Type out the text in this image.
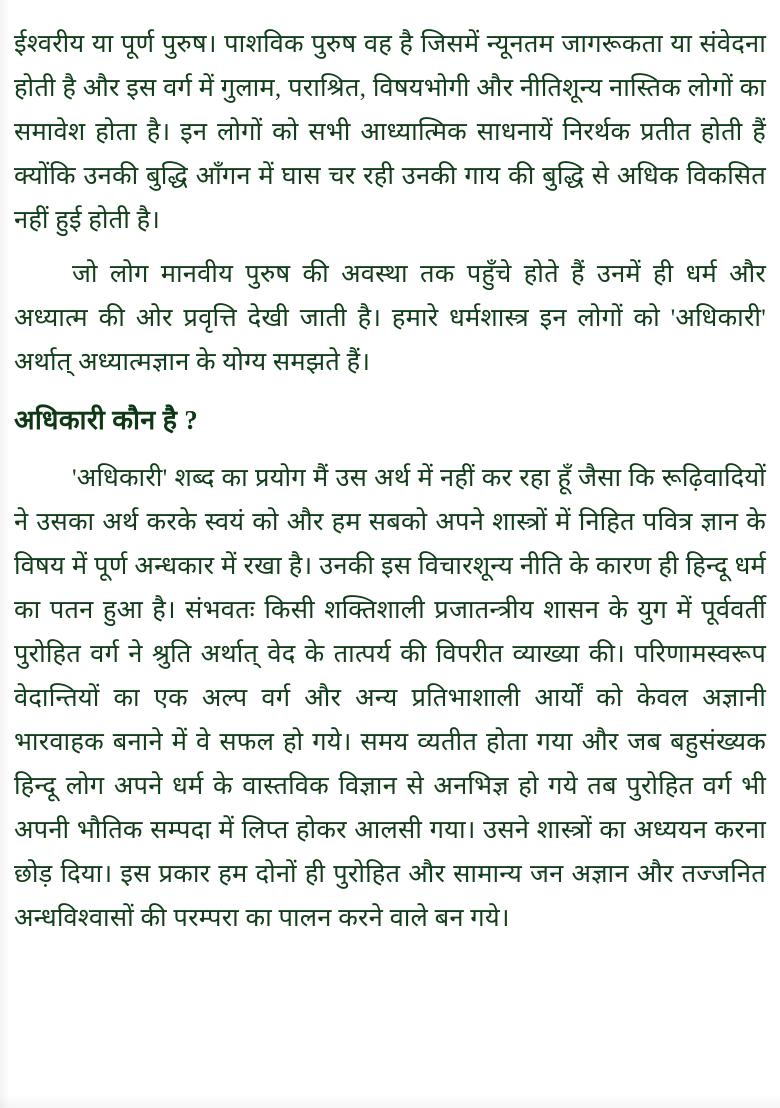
ईश्वरीय या पूर्ण पुरुष। पाशविक पुरुष वह है जिसमें न्यूनतम जागरूकता या संवेदना होती है और इस वर्ग में गुलाम, पराश्रित, विषयभोगी और नीतिशून्य नास्तिक लोगों का समावेश होता है। इन लोगों को सभी आध्यात्मिक साधनायें निरर्थक प्रतीत होती हैं क्योंकि उनकी बुद्धि आँगन में घास चर रही उनकी गाय की बुद्धि से अधिक विकसित नहीं हुई होती है।

जो लोग मानवीय पुरुष की अवस्था तक पहुँचे होते हैं उनमें ही धर्म और अध्यात्म की ओर प्रवृत्ति देखी जाती है। हमारे धर्मशास्त्र इन लोगों को 'अधिकारी' अर्थात् अध्यात्मज्ञान के योग्य समझते हैं।

अधिकारी कौन है ?

'अधिकारी' शब्द का प्रयोग मैं उस अर्थ में नहीं कर रहा हूँ जैसा कि रूढ़िवादियों ने उसका अर्थ करके स्वयं को और हम सबको अपने शास्त्रों में निहित पवित्र ज्ञान के विषय में पूर्ण अन्धकार में रखा है। उनकी इस विचारशून्य नीति के कारण ही हिन्दू धर्म का पतन हुआ है। संभवतः किसी शक्तिशाली प्रजातन्त्रीय शासन के युग में पूर्ववर्ती पुरोहित वर्ग ने श्रुति अर्थात् वेद के तात्पर्य की विपरीत व्याख्या की। परिणामस्वरूप वेदान्तियों का एक अल्प वर्ग और अन्य प्रतिभाशाली आर्यों को केवल अज्ञानी भारवाहक बनाने में वे सफल हो गये। समय व्यतीत होता गया और जब बहुसंख्यक हिन्दू लोग अपने धर्म के वास्तविक विज्ञान से अनभिज्ञ हो गये तब पुरोहित वर्ग भी अपनी भौतिक सम्पदा में लिप्त होकर आलसी गया। उसने शास्त्रों का अध्ययन करना छोड़ दिया। इस प्रकार हम दोनों ही पुरोहित और सामान्य जन अज्ञान और तज्जनित अन्धविश्वासों की परम्परा का पालन करने वाले बन गये।
